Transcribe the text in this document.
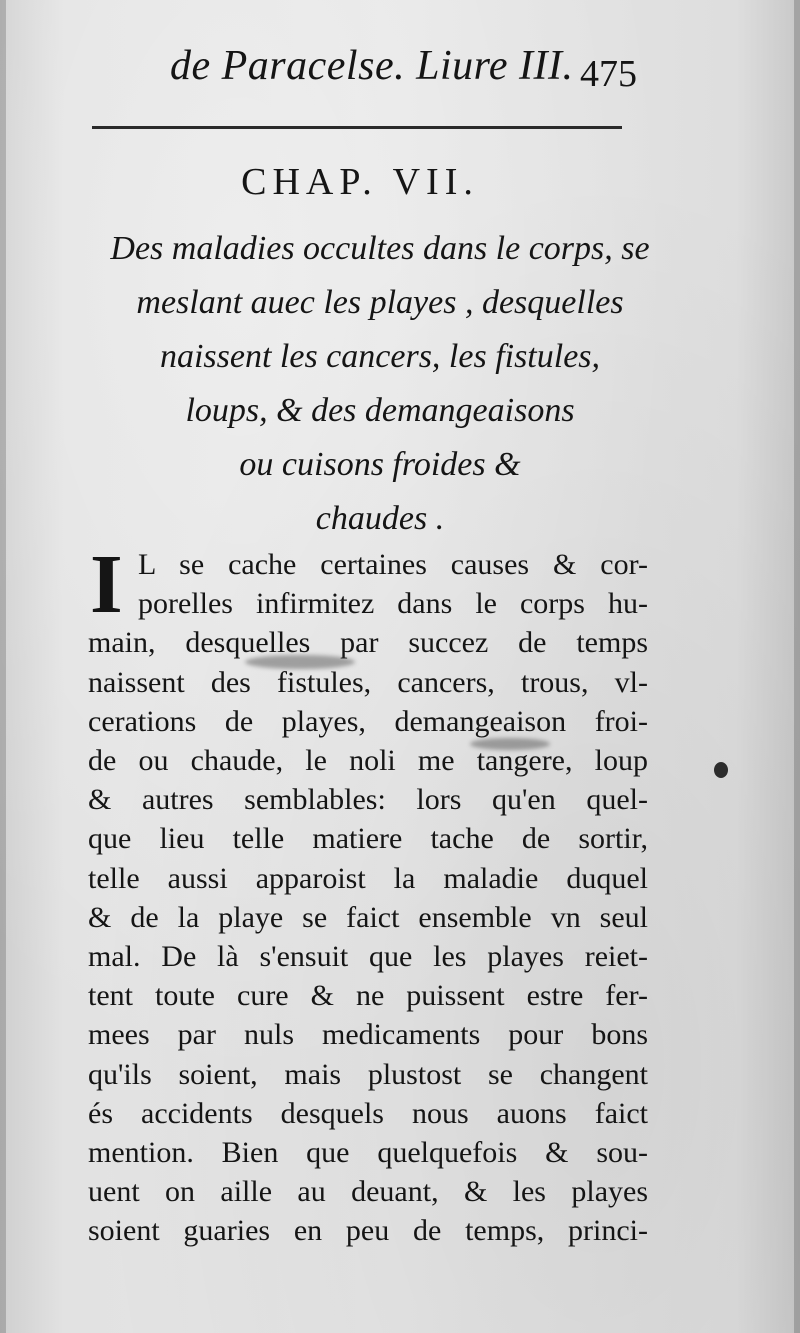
de Paracelse. Liure III. 475
CHAP. VII.
Des maladies occultes dans le corps, se
meslant auec les playes , desquelles
naissent les cancers, les fistules,
loups, & des demangeaisons
ou cuisons froides &
chaudes .
I L se cache certaines causes & cor-
porelles infirmitez dans le corps hu-
main, desquelles par succez de temps
naissent des fistules, cancers, trous, vl-
cerations de playes, demangeaison froi-
de ou chaude, le noli me tangere, loup
& autres semblables: lors qu'en quel-
que lieu telle matiere tache de sortir,
telle aussi apparoist la maladie duquel
& de la playe se faict ensemble vn seul
mal. De là s'ensuit que les playes reiet-
tent toute cure & ne puissent estre fer-
mees par nuls medicaments pour bons
qu'ils soient, mais plustost se changent
és accidents desquels nous auons faict
mention. Bien que quelquefois & sou-
uent on aille au deuant, & les playes
soient guaries en peu de temps, princi-
